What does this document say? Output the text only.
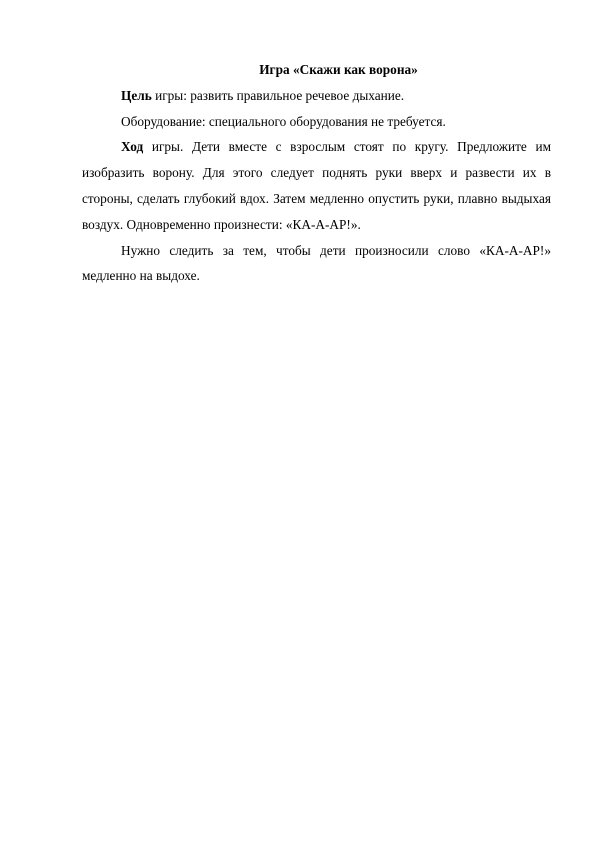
Игра «Скажи как ворона»

Цель игры: развить правильное речевое дыхание.

Оборудование: специального оборудования не требуется.

Ход игры. Дети вместе с взрослым стоят по кругу. Предложите им изобразить ворону. Для этого следует поднять руки вверх и развести их в стороны, сделать глубокий вдох. Затем медленно опустить руки, плавно выдыхая воздух. Одновременно произнести: «КА-А-АР!».

Нужно следить за тем, чтобы дети произносили слово «КА-А-АР!» медленно на выдохе.
